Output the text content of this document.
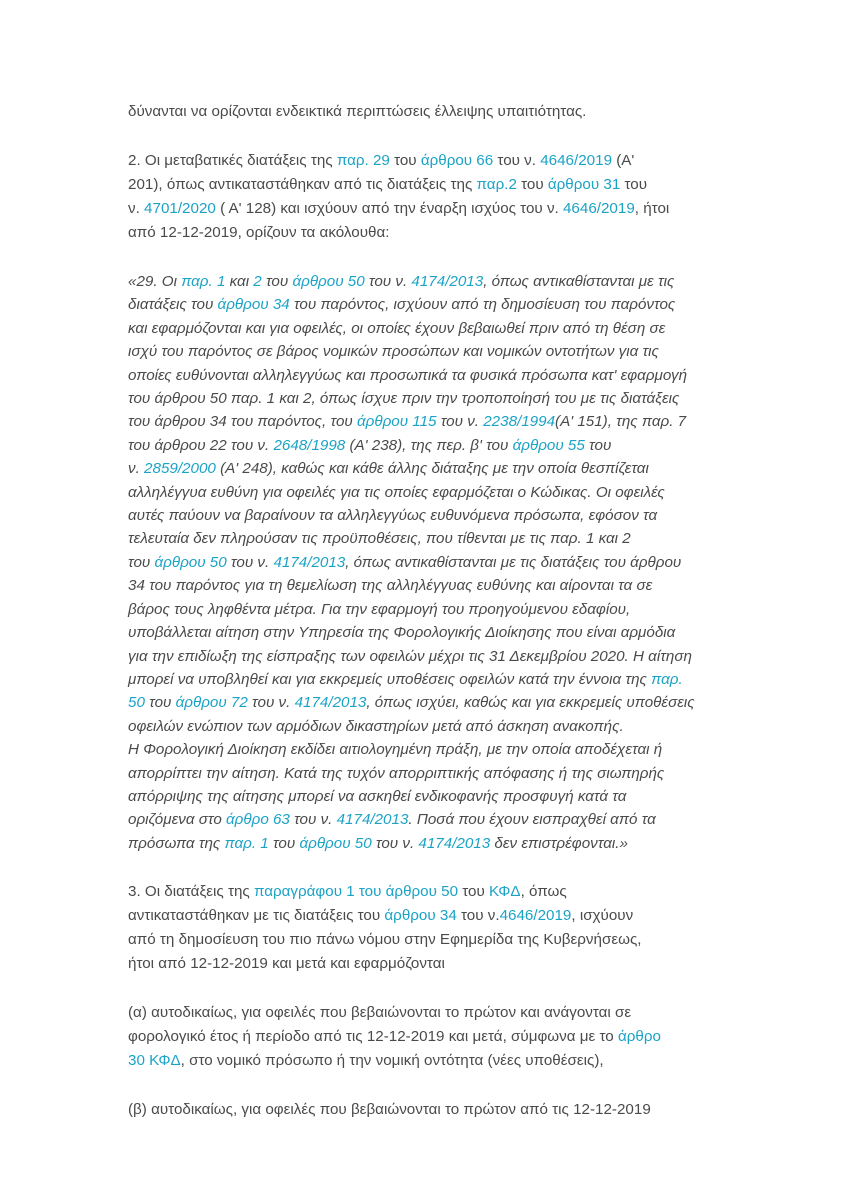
δύνανται να ορίζονται ενδεικτικά περιπτώσεις έλλειψης υπαιτιότητας.

2. Οι μεταβατικές διατάξεις της παρ. 29 του άρθρου 66 του ν. 4646/2019 (Α'

201), όπως αντικαταστάθηκαν από τις διατάξεις της παρ.2 του άρθρου 31 του

ν. 4701/2020 ( Α' 128) και ισχύουν από την έναρξη ισχύος του ν. 4646/2019, ήτοι

από 12-12-2019, ορίζουν τα ακόλουθα:

«29. Οι παρ. 1 και 2 του άρθρου 50 του ν. 4174/2013, όπως αντικαθίστανται με τις

διατάξεις του άρθρου 34 του παρόντος, ισχύουν από τη δημοσίευση του παρόντος

και εφαρμόζονται και για οφειλές, οι οποίες έχουν βεβαιωθεί πριν από τη θέση σε

ισχύ του παρόντος σε βάρος νομικών προσώπων και νομικών οντοτήτων για τις

οποίες ευθύνονται αλληλεγγύως και προσωπικά τα φυσικά πρόσωπα κατ' εφαρμογή

του άρθρου 50 παρ. 1 και 2, όπως ίσχυε πριν την τροποποίησή του με τις διατάξεις

του άρθρου 34 του παρόντος, του άρθρου 115 του ν. 2238/1994(Α' 151), της παρ. 7

του άρθρου 22 του ν. 2648/1998 (Α' 238), της περ. β' του άρθρου 55 του

ν. 2859/2000 (Α' 248), καθώς και κάθε άλλης διάταξης με την οποία θεσπίζεται

αλληλέγγυα ευθύνη για οφειλές για τις οποίες εφαρμόζεται ο Κώδικας. Οι οφειλές

αυτές παύουν να βαραίνουν τα αλληλεγγύως ευθυνόμενα πρόσωπα, εφόσον τα

τελευταία δεν πληρούσαν τις προϋποθέσεις, που τίθενται με τις παρ. 1 και 2

του άρθρου 50 του ν. 4174/2013, όπως αντικαθίστανται με τις διατάξεις του άρθρου

34 του παρόντος για τη θεμελίωση της αλληλέγγυας ευθύνης και αίρονται τα σε

βάρος τους ληφθέντα μέτρα. Για την εφαρμογή του προηγούμενου εδαφίου,

υποβάλλεται αίτηση στην Υπηρεσία της Φορολογικής Διοίκησης που είναι αρμόδια

για την επιδίωξη της είσπραξης των οφειλών μέχρι τις 31 Δεκεμβρίου 2020. Η αίτηση

μπορεί να υποβληθεί και για εκκρεμείς υποθέσεις οφειλών κατά την έννοια της παρ.

50 του άρθρου 72 του ν. 4174/2013, όπως ισχύει, καθώς και για εκκρεμείς υποθέσεις

οφειλών ενώπιον των αρμόδιων δικαστηρίων μετά από άσκηση ανακοπής.

Η Φορολογική Διοίκηση εκδίδει αιτιολογημένη πράξη, με την οποία αποδέχεται ή

απορρίπτει την αίτηση. Κατά της τυχόν απορριπτικής απόφασης ή της σιωπηρής

απόρριψης της αίτησης μπορεί να ασκηθεί ενδικοφανής προσφυγή κατά τα

οριζόμενα στο άρθρο 63 του ν. 4174/2013. Ποσά που έχουν εισπραχθεί από τα

πρόσωπα της παρ. 1 του άρθρου 50 του ν. 4174/2013 δεν επιστρέφονται.»

3. Οι διατάξεις της παραγράφου 1 του άρθρου 50 του ΚΦΔ, όπως

αντικαταστάθηκαν με τις διατάξεις του άρθρου 34 του ν.4646/2019, ισχύουν

από τη δημοσίευση του πιο πάνω νόμου στην Εφημερίδα της Κυβερνήσεως,

ήτοι από 12-12-2019 και μετά και εφαρμόζονται

(α) αυτοδικαίως, για οφειλές που βεβαιώνονται το πρώτον και ανάγονται σε

φορολογικό έτος ή περίοδο από τις 12-12-2019 και μετά, σύμφωνα με το άρθρο

30 ΚΦΔ, στο νομικό πρόσωπο ή την νομική οντότητα (νέες υποθέσεις),

(β) αυτοδικαίως, για οφειλές που βεβαιώνονται το πρώτον από τις 12-12-2019
